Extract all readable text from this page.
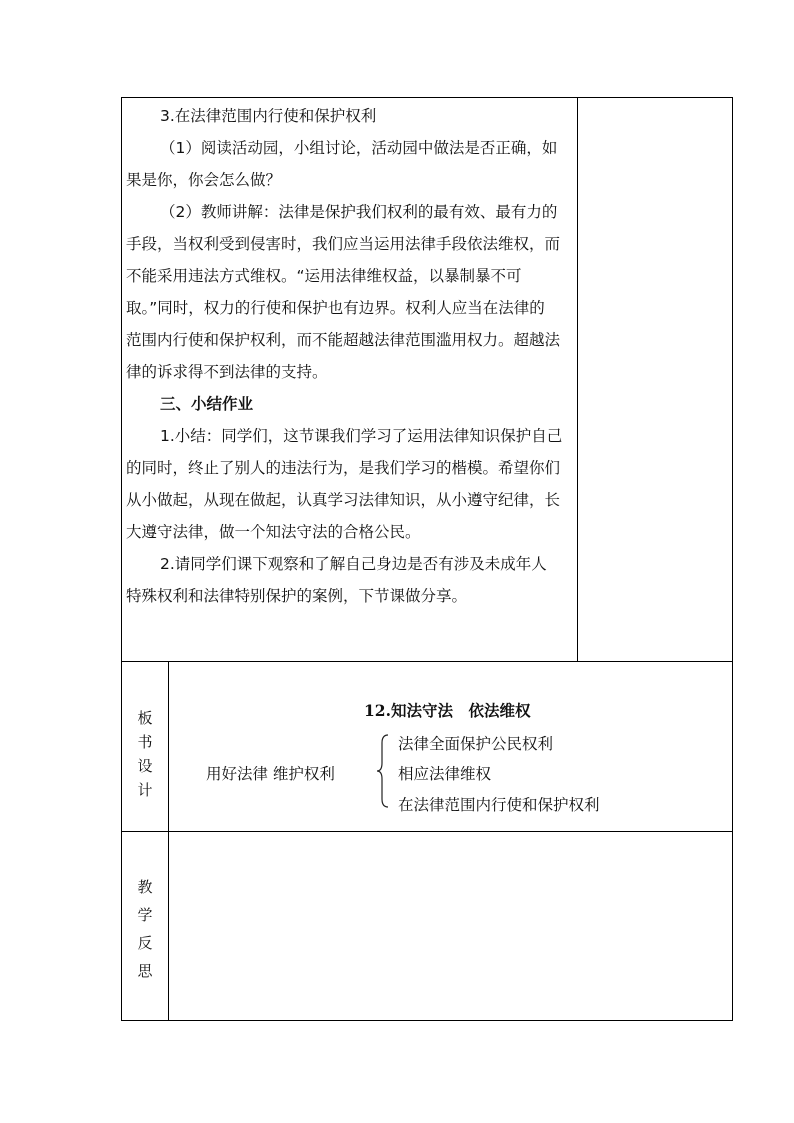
3.在法律范围内行使和保护权利
（1）阅读活动园，小组讨论，活动园中做法是否正确，如
果是你，你会怎么做？
（2）教师讲解：法律是保护我们权利的最有效、最有力的
手段，当权利受到侵害时，我们应当运用法律手段依法维权，而
不能采用违法方式维权。“运用法律维权益，以暴制暴不可
取。”同时，权力的行使和保护也有边界。权利人应当在法律的
范围内行使和保护权利，而不能超越法律范围滥用权力。超越法
律的诉求得不到法律的支持。
三、小结作业
1.小结：同学们，这节课我们学习了运用法律知识保护自己
的同时，终止了别人的违法行为，是我们学习的楷模。希望你们
从小做起，从现在做起，认真学习法律知识，从小遵守纪律，长
大遵守法律，做一个知法守法的合格公民。
2.请同学们课下观察和了解自己身边是否有涉及未成年人
特殊权利和法律特别保护的案例，下节课做分享。
板
书
设
计
12.知法守法　依法维权
用好法律 维护权利
法律全面保护公民权利
相应法律维权
在法律范围内行使和保护权利
教
学
反
思
